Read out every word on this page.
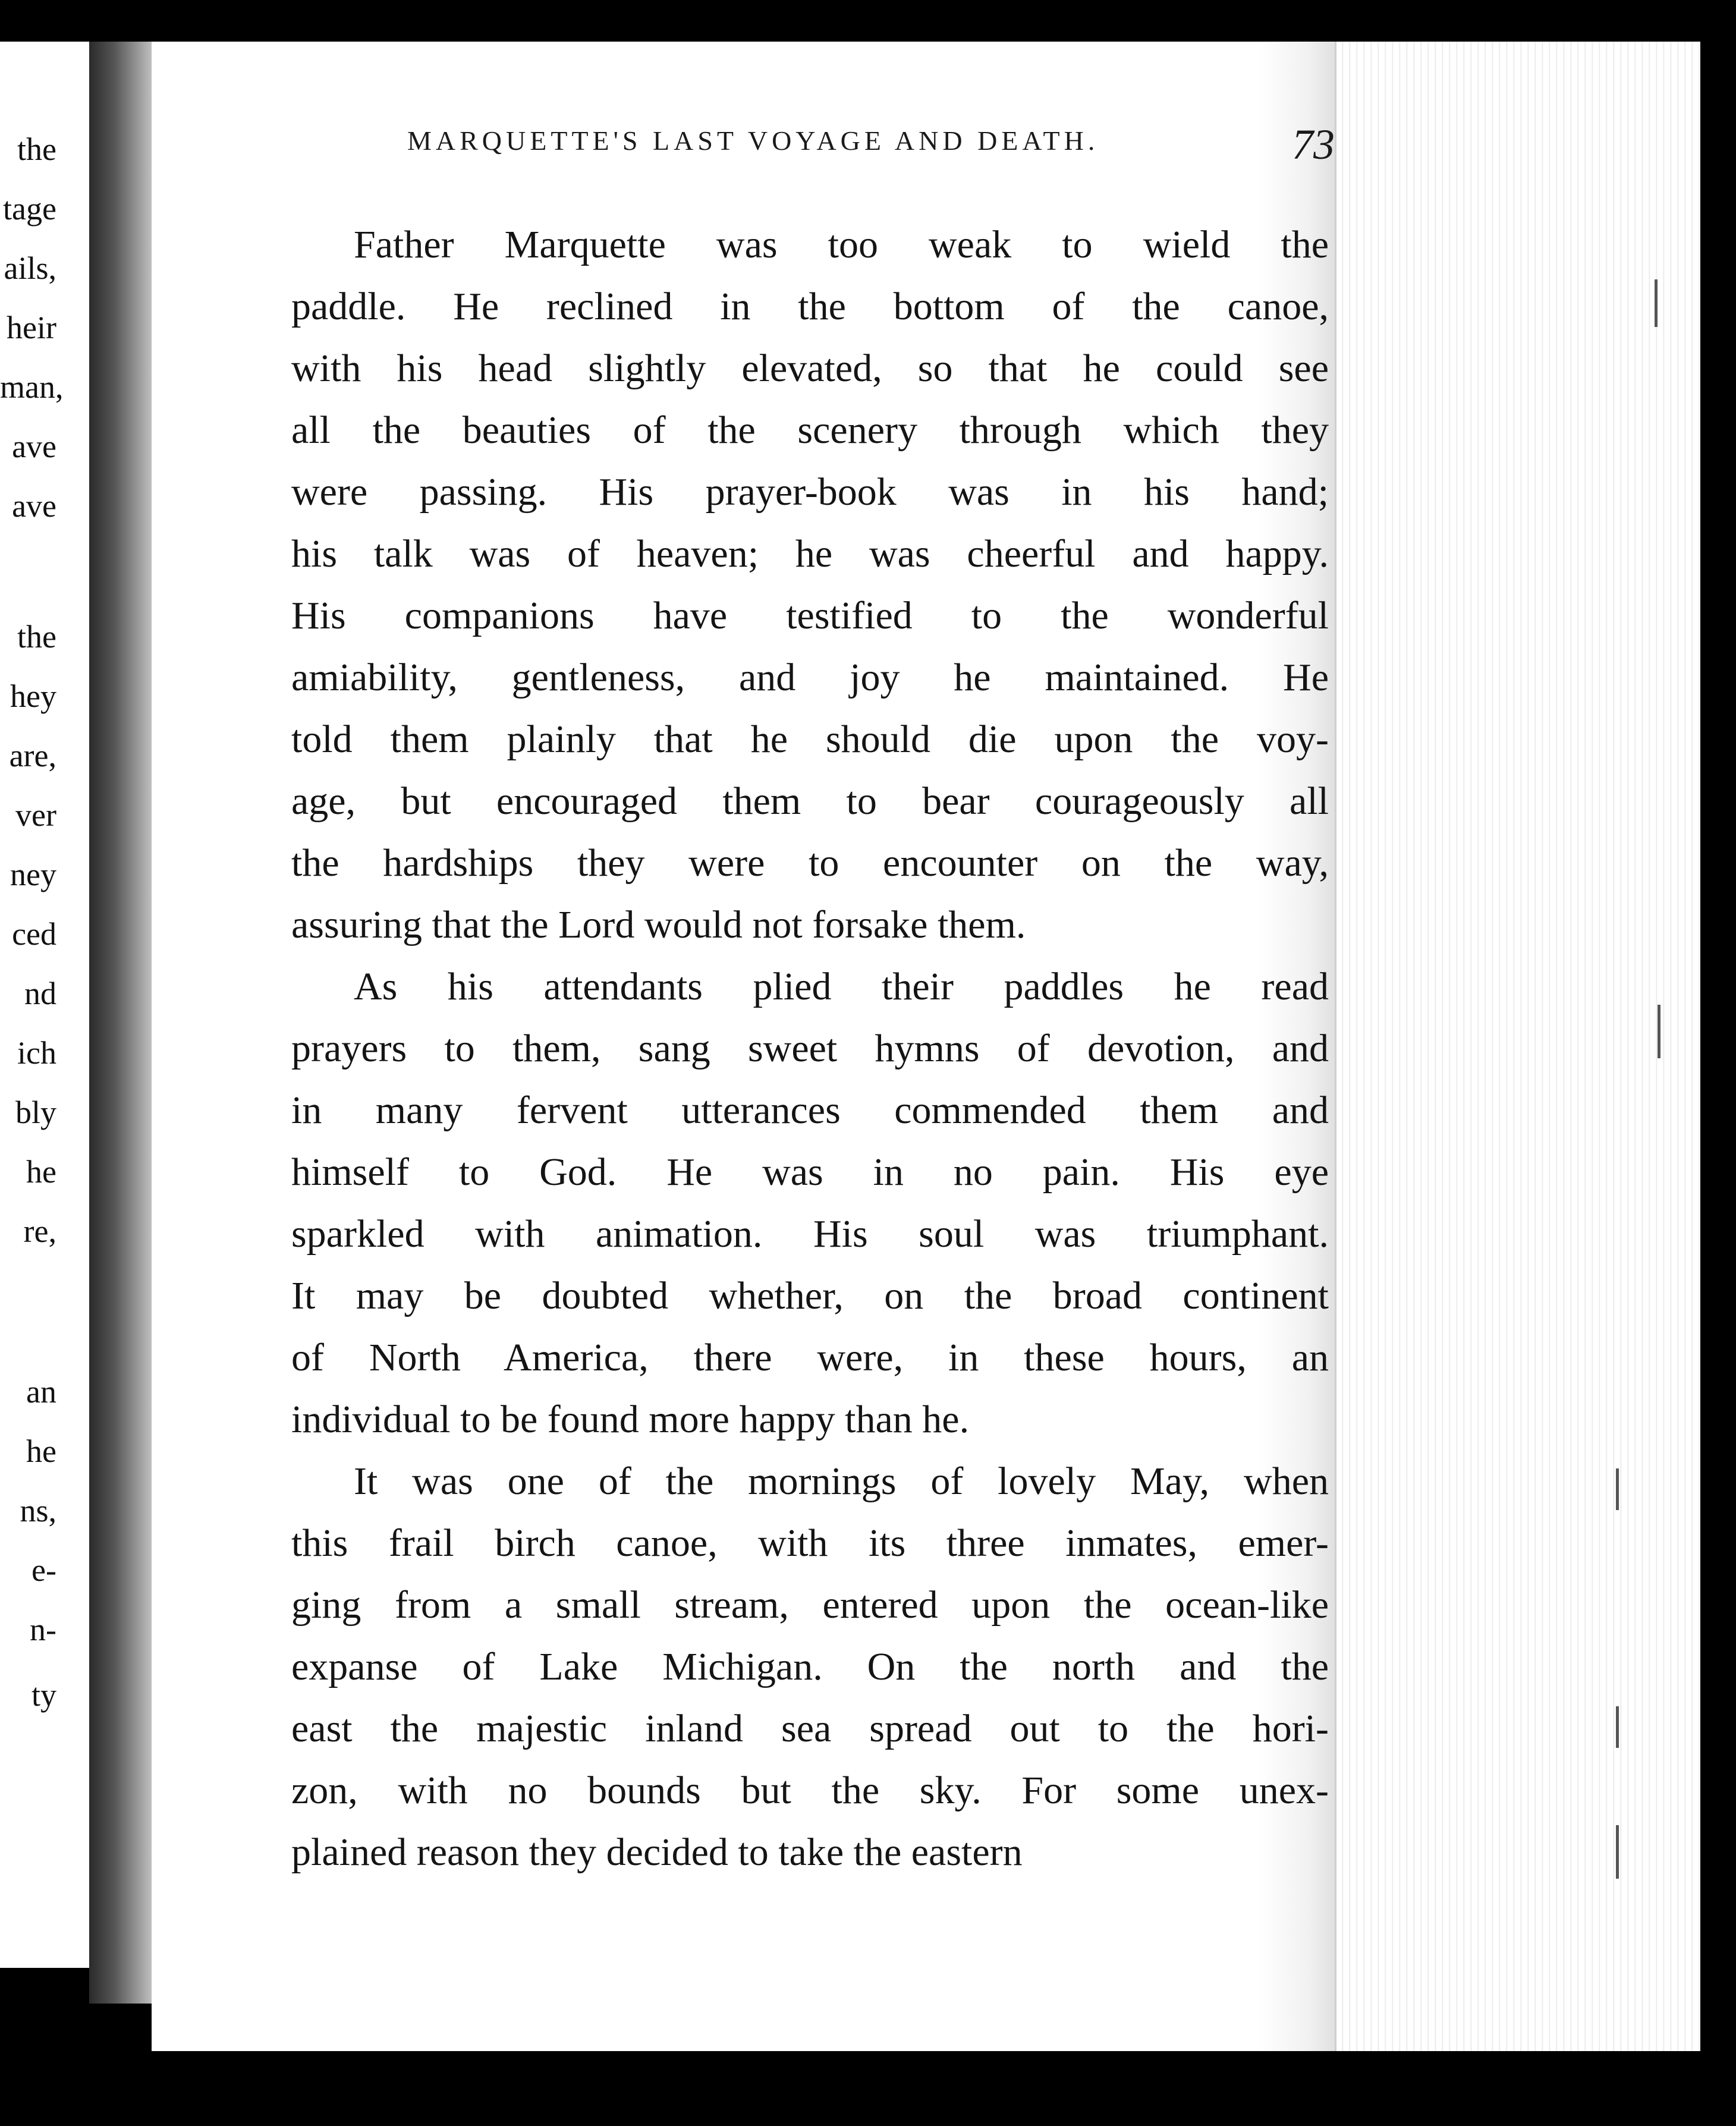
the
tage
ails,
heir
man,
ave
ave
the
hey
are,
ver
ney
ced
nd
ich
bly
he
re,
an
he
ns,
e-
n-
ty
MARQUETTE'S LAST VOYAGE AND DEATH.	73
Father Marquette was too weak to wield the
paddle. He reclined in the bottom of the canoe,
with his head slightly elevated, so that he could see
all the beauties of the scenery through which they
were passing. His prayer-book was in his hand;
his talk was of heaven; he was cheerful and happy.
His companions have testified to the wonderful
amiability, gentleness, and joy he maintained. He
told them plainly that he should die upon the voy-
age, but encouraged them to bear courageously all
the hardships they were to encounter on the way,
assuring that the Lord would not forsake them.
As his attendants plied their paddles he read
prayers to them, sang sweet hymns of devotion, and
in many fervent utterances commended them and
himself to God. He was in no pain. His eye
sparkled with animation. His soul was triumphant.
It may be doubted whether, on the broad continent
of North America, there were, in these hours, an
individual to be found more happy than he.
It was one of the mornings of lovely May, when
this frail birch canoe, with its three inmates, emer-
ging from a small stream, entered upon the ocean-like
expanse of Lake Michigan. On the north and the
east the majestic inland sea spread out to the hori-
zon, with no bounds but the sky. For some unex-
plained reason they decided to take the eastern
